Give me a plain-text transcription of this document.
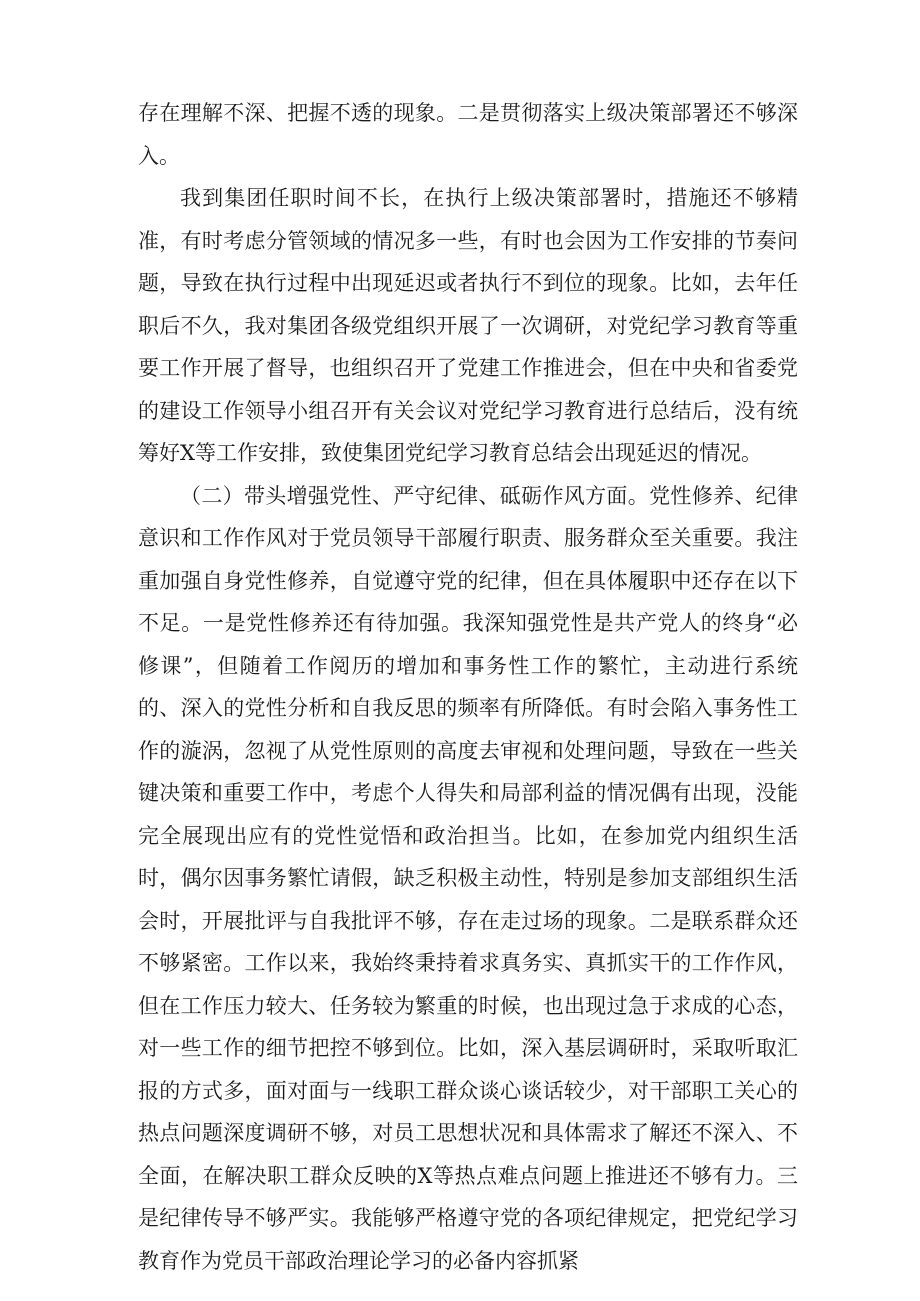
存在理解不深、把握不透的现象。二是贯彻落实上级决策部署还不够深入。

我到集团任职时间不长，在执行上级决策部署时，措施还不够精准，有时考虑分管领域的情况多一些，有时也会因为工作安排的节奏问题，导致在执行过程中出现延迟或者执行不到位的现象。比如，去年任职后不久，我对集团各级党组织开展了一次调研，对党纪学习教育等重要工作开展了督导，也组织召开了党建工作推进会，但在中央和省委党的建设工作领导小组召开有关会议对党纪学习教育进行总结后，没有统筹好X等工作安排，致使集团党纪学习教育总结会出现延迟的情况。

（二）带头增强党性、严守纪律、砥砺作风方面。党性修养、纪律意识和工作作风对于党员领导干部履行职责、服务群众至关重要。我注重加强自身党性修养，自觉遵守党的纪律，但在具体履职中还存在以下不足。一是党性修养还有待加强。我深知强党性是共产党人的终身“必修课”，但随着工作阅历的增加和事务性工作的繁忙，主动进行系统的、深入的党性分析和自我反思的频率有所降低。有时会陷入事务性工作的漩涡，忽视了从党性原则的高度去审视和处理问题，导致在一些关键决策和重要工作中，考虑个人得失和局部利益的情况偶有出现，没能完全展现出应有的党性觉悟和政治担当。比如，在参加党内组织生活时，偶尔因事务繁忙请假，缺乏积极主动性，特别是参加支部组织生活会时，开展批评与自我批评不够，存在走过场的现象。二是联系群众还不够紧密。工作以来，我始终秉持着求真务实、真抓实干的工作作风，但在工作压力较大、任务较为繁重的时候，也出现过急于求成的心态，对一些工作的细节把控不够到位。比如，深入基层调研时，采取听取汇报的方式多，面对面与一线职工群众谈心谈话较少，对干部职工关心的热点问题深度调研不够，对员工思想状况和具体需求了解还不深入、不全面，在解决职工群众反映的X等热点难点问题上推进还不够有力。三是纪律传导不够严实。我能够严格遵守党的各项纪律规定，把党纪学习教育作为党员干部政治理论学习的必备内容抓紧
